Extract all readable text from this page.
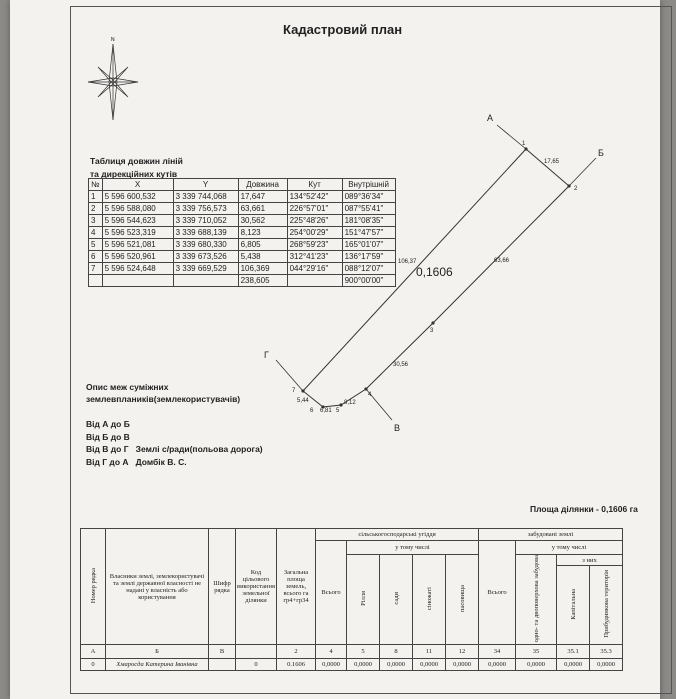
Кадастровий план
N
Таблиця довжин ліній
та дирекційних кутів
№	X	Y	Довжина	Кут	Внутрішній
1	5 596 600,532	3 339 744,068	17,647	134°52'42"	089°36'34"
2	5 596 588,080	3 339 756,573	63,661	226°57'01"	087°55'41"
3	5 596 544,623	3 339 710,052	30,562	225°48'26"	181°08'35"
4	5 596 523,319	3 339 688,139	8,123	254°00'29"	151°47'57"
5	5 596 521,081	3 339 680,330	6,805	268°59'23"	165°01'07"
6	5 596 520,961	3 339 673,526	5,438	312°41'23"	136°17'59"
7	5 596 524,648	3 339 669,529	106,369	044°29'16"	088°12'07"
			238,605		900°00'00"
А
Б
В
Г
1
2
3
4
5
6
7
17,65
63,66
106,37
30,56
8,12
6,81
5,44
0,1606
Опис меж суміжних
землевплаників(землекористувачів)
Від А до Б
Від Б до В
Від В до Г Землі с/ради(польова дорога)
Від Г до А Домбік В. С.
Площа ділянки - 0,1606 га
Номер рядка	Власники землі, землекористувачі та землі державної власності не надані у власність або користування	Шифр рядка	Код цільового використання земельної ділянки	Загальна площа земель, всього га гр4+гр34	сільськогосподарські угіддя					забудовані землі			
					Всього	у тому числі				Всього	у тому числі		
						Рілля	сади	сіножаті	пасовища		одно- та двоповерхова забудова	з них	
												Капітальна	Прибудинкова територія
А	Б	В		2	4	5	8	11	12	34	35	35.1	35.3
0	Хмаросда Катерина Іванівна		0	0.1606	0,0000	0,0000	0,0000	0,0000	0,0000	0,0000	0,0000	0,0000	0,0000
